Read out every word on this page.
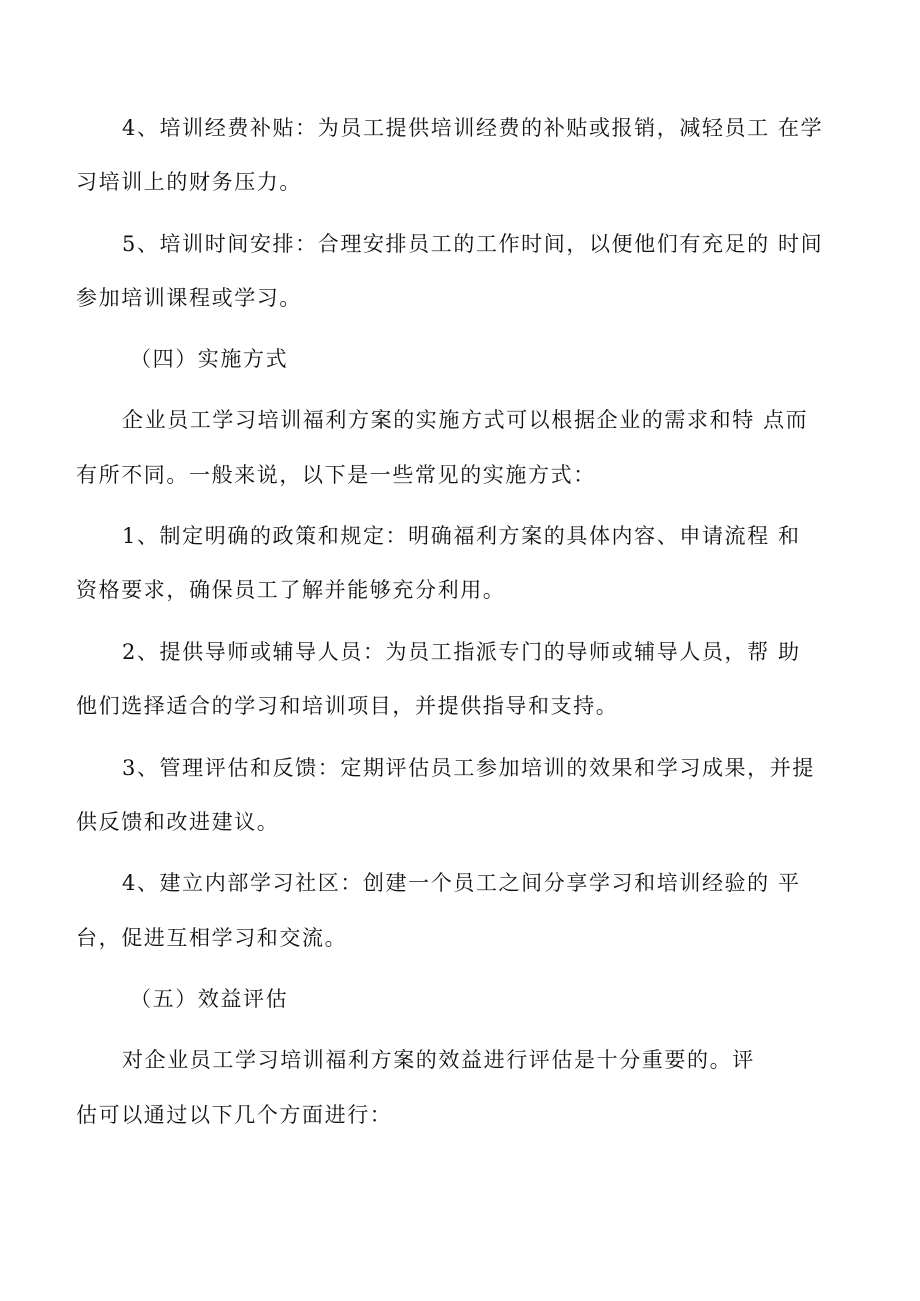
4、培训经费补贴：为员工提供培训经费的补贴或报销，减轻员工 在学
习培训上的财务压力。
5、培训时间安排：合理安排员工的工作时间，以便他们有充足的 时间
参加培训课程或学习。
（四）实施方式
企业员工学习培训福利方案的实施方式可以根据企业的需求和特 点而
有所不同。一般来说，以下是一些常见的实施方式：
1、制定明确的政策和规定：明确福利方案的具体内容、申请流程 和
资格要求，确保员工了解并能够充分利用。
2、提供导师或辅导人员：为员工指派专门的导师或辅导人员，帮 助
他们选择适合的学习和培训项目，并提供指导和支持。
3、管理评估和反馈：定期评估员工参加培训的效果和学习成果，并提
供反馈和改进建议。
4、建立内部学习社区：创建一个员工之间分享学习和培训经验的 平
台，促进互相学习和交流。
（五）效益评估
对企业员工学习培训福利方案的效益进行评估是十分重要的。评
估可以通过以下几个方面进行：
